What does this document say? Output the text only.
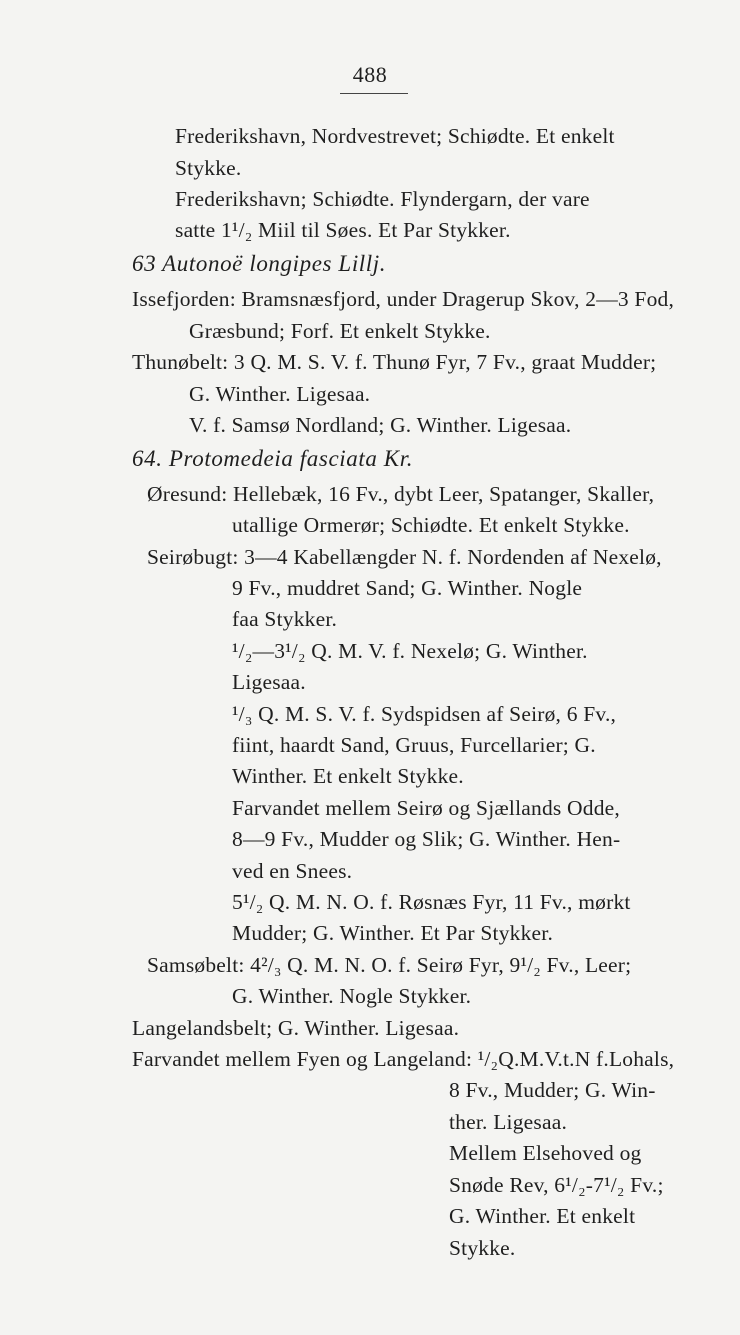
488
Frederikshavn, Nordvestrevet; Schiødte. Et enkelt
Stykke.
Frederikshavn; Schiødte. Flyndergarn, der vare
satte 1¹/₂ Miil til Søes. Et Par Stykker.
63 Autonoë longipes Lillj.
Issefjorden: Bramsnæsfjord, under Dragerup Skov, 2—3 Fod,
Græsbund; Forf. Et enkelt Stykke.
Thunøbelt: 3 Q. M. S. V. f. Thunø Fyr, 7 Fv., graat Mudder;
G. Winther. Ligesaa.
V. f. Samsø Nordland; G. Winther. Ligesaa.
64. Protomedeia fasciata Kr.
Øresund: Hellebæk, 16 Fv., dybt Leer, Spatanger, Skaller,
utallige Ormerør; Schiødte. Et enkelt Stykke.
Seirøbugt: 3—4 Kabellængder N. f. Nordenden af Nexelø,
9 Fv., muddret Sand; G. Winther. Nogle
faa Stykker.
¹/₂—3¹/₂ Q. M. V. f. Nexelø; G. Winther.
Ligesaa.
¹/₃ Q. M. S. V. f. Sydspidsen af Seirø, 6 Fv.,
fiint, haardt Sand, Gruus, Furcellarier; G.
Winther. Et enkelt Stykke.
Farvandet mellem Seirø og Sjællands Odde,
8—9 Fv., Mudder og Slik; G. Winther. Hen-
ved en Snees.
5¹/₂ Q. M. N. O. f. Røsnæs Fyr, 11 Fv., mørkt
Mudder; G. Winther. Et Par Stykker.
Samsøbelt: 4²/₃ Q. M. N. O. f. Seirø Fyr, 9¹/₂ Fv., Leer;
G. Winther. Nogle Stykker.
Langelandsbelt; G. Winther. Ligesaa.
Farvandet mellem Fyen og Langeland: ¹/₂Q.M.V.t.N f.Lohals,
8 Fv., Mudder; G. Win-
ther. Ligesaa.
Mellem Elsehoved og
Snøde Rev, 6¹/₂-7¹/₂ Fv.;
G. Winther. Et enkelt
Stykke.
